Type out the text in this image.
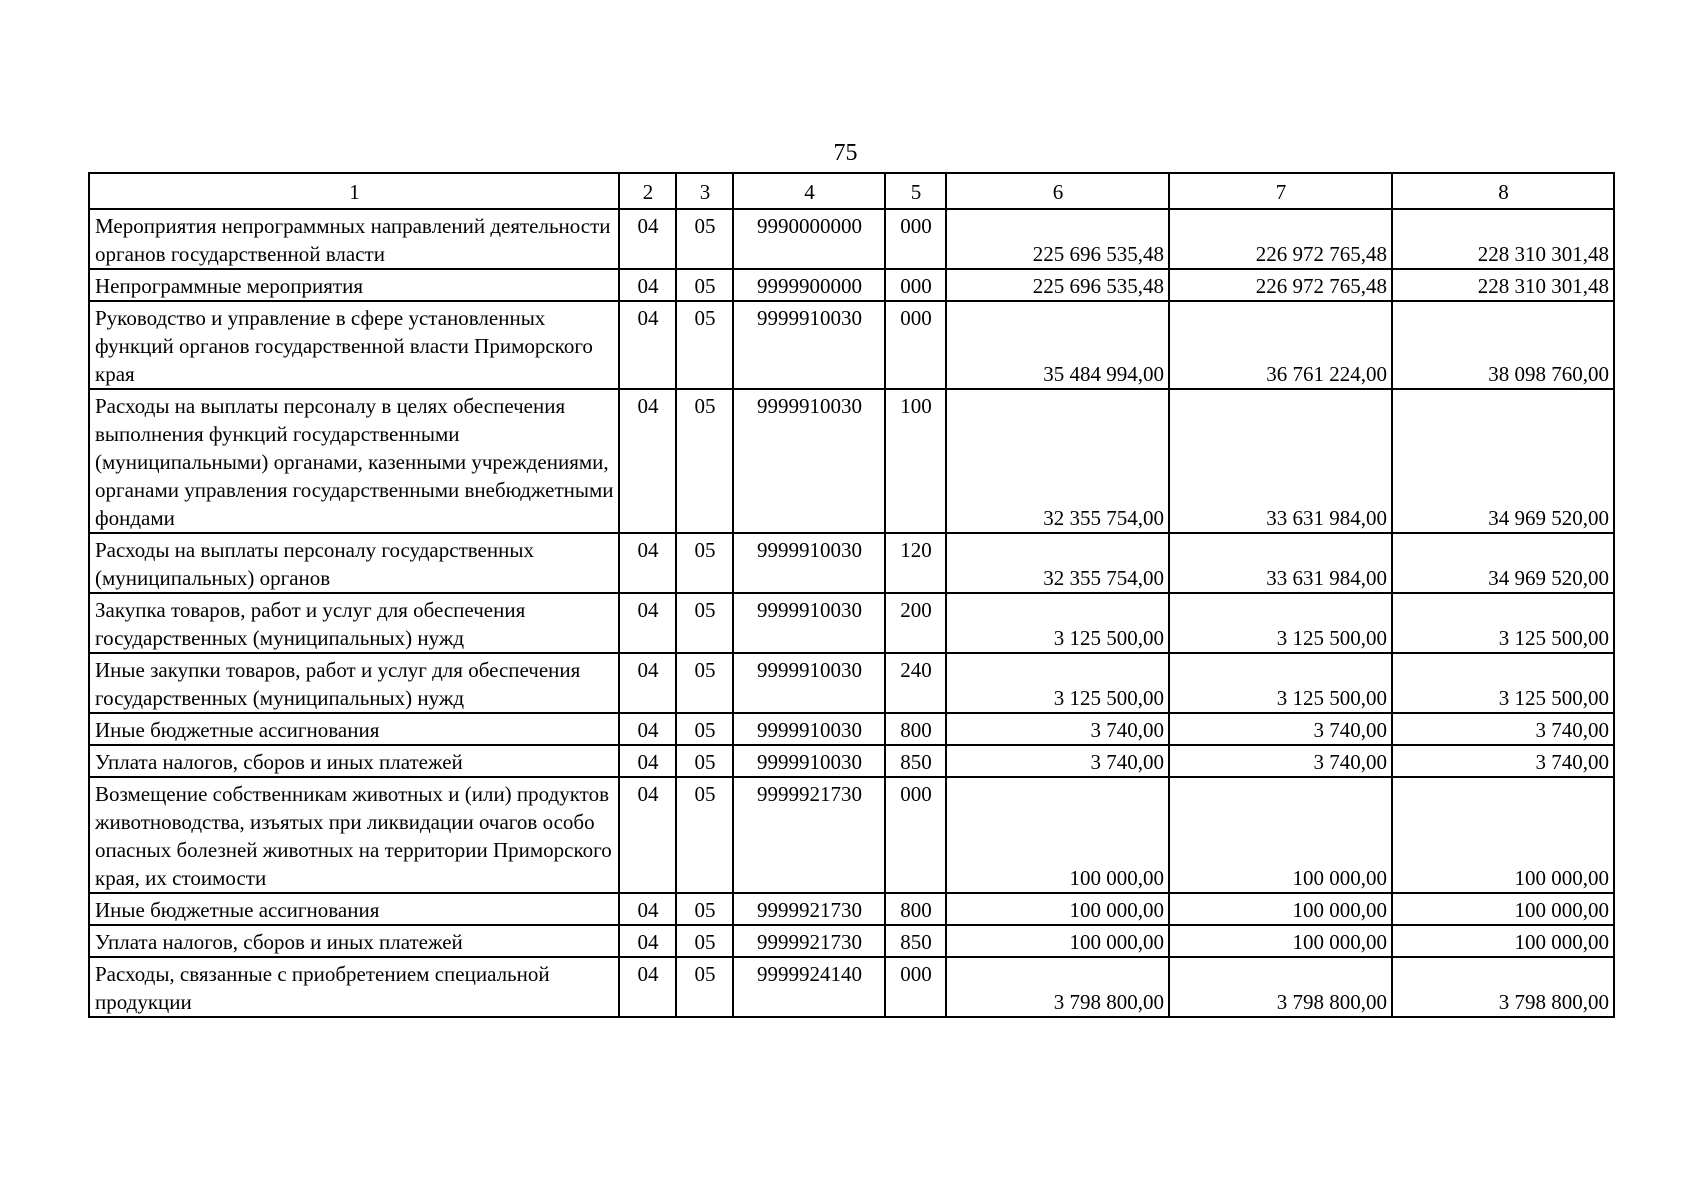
75
1	2	3	4	5	6	7	8
Мероприятия непрограммных направлений деятельности органов государственной власти	04	05	9990000000	000	225 696 535,48	226 972 765,48	228 310 301,48
Непрограммные мероприятия	04	05	9999900000	000	225 696 535,48	226 972 765,48	228 310 301,48
Руководство и управление в сфере установленных функций органов государственной власти Приморского края	04	05	9999910030	000	35 484 994,00	36 761 224,00	38 098 760,00
Расходы на выплаты персоналу в целях обеспечения выполнения функций государственными (муниципальными) органами, казенными учреждениями, органами управления государственными внебюджетными фондами	04	05	9999910030	100	32 355 754,00	33 631 984,00	34 969 520,00
Расходы на выплаты персоналу государственных (муниципальных) органов	04	05	9999910030	120	32 355 754,00	33 631 984,00	34 969 520,00
Закупка товаров, работ и услуг для обеспечения государственных (муниципальных) нужд	04	05	9999910030	200	3 125 500,00	3 125 500,00	3 125 500,00
Иные закупки товаров, работ и услуг для обеспечения государственных (муниципальных) нужд	04	05	9999910030	240	3 125 500,00	3 125 500,00	3 125 500,00
Иные бюджетные ассигнования	04	05	9999910030	800	3 740,00	3 740,00	3 740,00
Уплата налогов, сборов и иных платежей	04	05	9999910030	850	3 740,00	3 740,00	3 740,00
Возмещение собственникам животных и (или) продуктов животноводства, изъятых при ликвидации очагов особо опасных болезней животных на территории Приморского края, их стоимости	04	05	9999921730	000	100 000,00	100 000,00	100 000,00
Иные бюджетные ассигнования	04	05	9999921730	800	100 000,00	100 000,00	100 000,00
Уплата налогов, сборов и иных платежей	04	05	9999921730	850	100 000,00	100 000,00	100 000,00
Расходы, связанные с приобретением специальной продукции	04	05	9999924140	000	3 798 800,00	3 798 800,00	3 798 800,00
